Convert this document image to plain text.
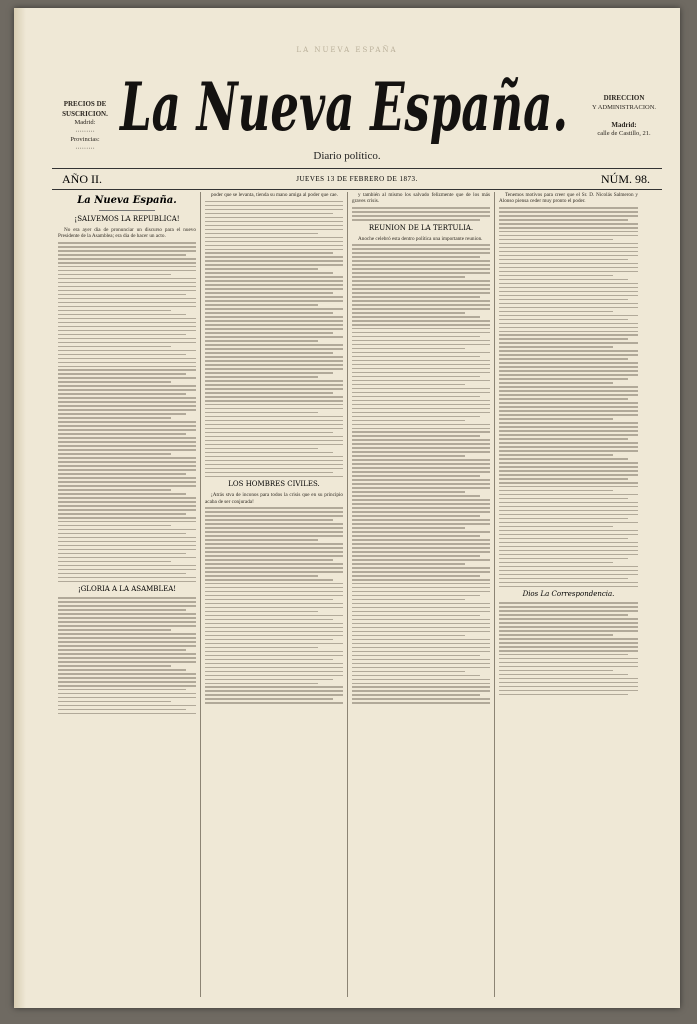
LA NUEVA ESPAÑA
PRECIOS DE SUSCRICION.
Madrid:
·········
Provincias:
·········
La Nueva España.	DIRECCION
Y ADMINISTRACION.

Madrid:
calle de Castillo, 21.
Diario político.
AÑO II.	JUEVES 13 DE FEBRERO DE 1873.	NÚM. 98.
La Nueva España.
¡SALVEMOS LA REPUBLICA!

No era ayer dia de pronunciar un discurso para el nuevo Presidente de la Asamblea; era dia de hacer un acto.

¡GLORIA A LA ASAMBLEA!

poder que se levanta, tienda su mano amiga al poder que cae.

LOS HOMBRES CIVILES.

¡Atrás stva de inconos para todos la crisis que en su principio acaba de ser conjurada!

y también al mismo los salvado felizmente que de los más graves crisis.

REUNION DE LA TERTULIA.

Anoche celebró esta dentro política una importante reunion.

Tenemos motivos para creer que el Sr. D. Nicolás Salmeron y Alonso piensa ceder muy pronto el poder.

Dios La Correspondencia.
